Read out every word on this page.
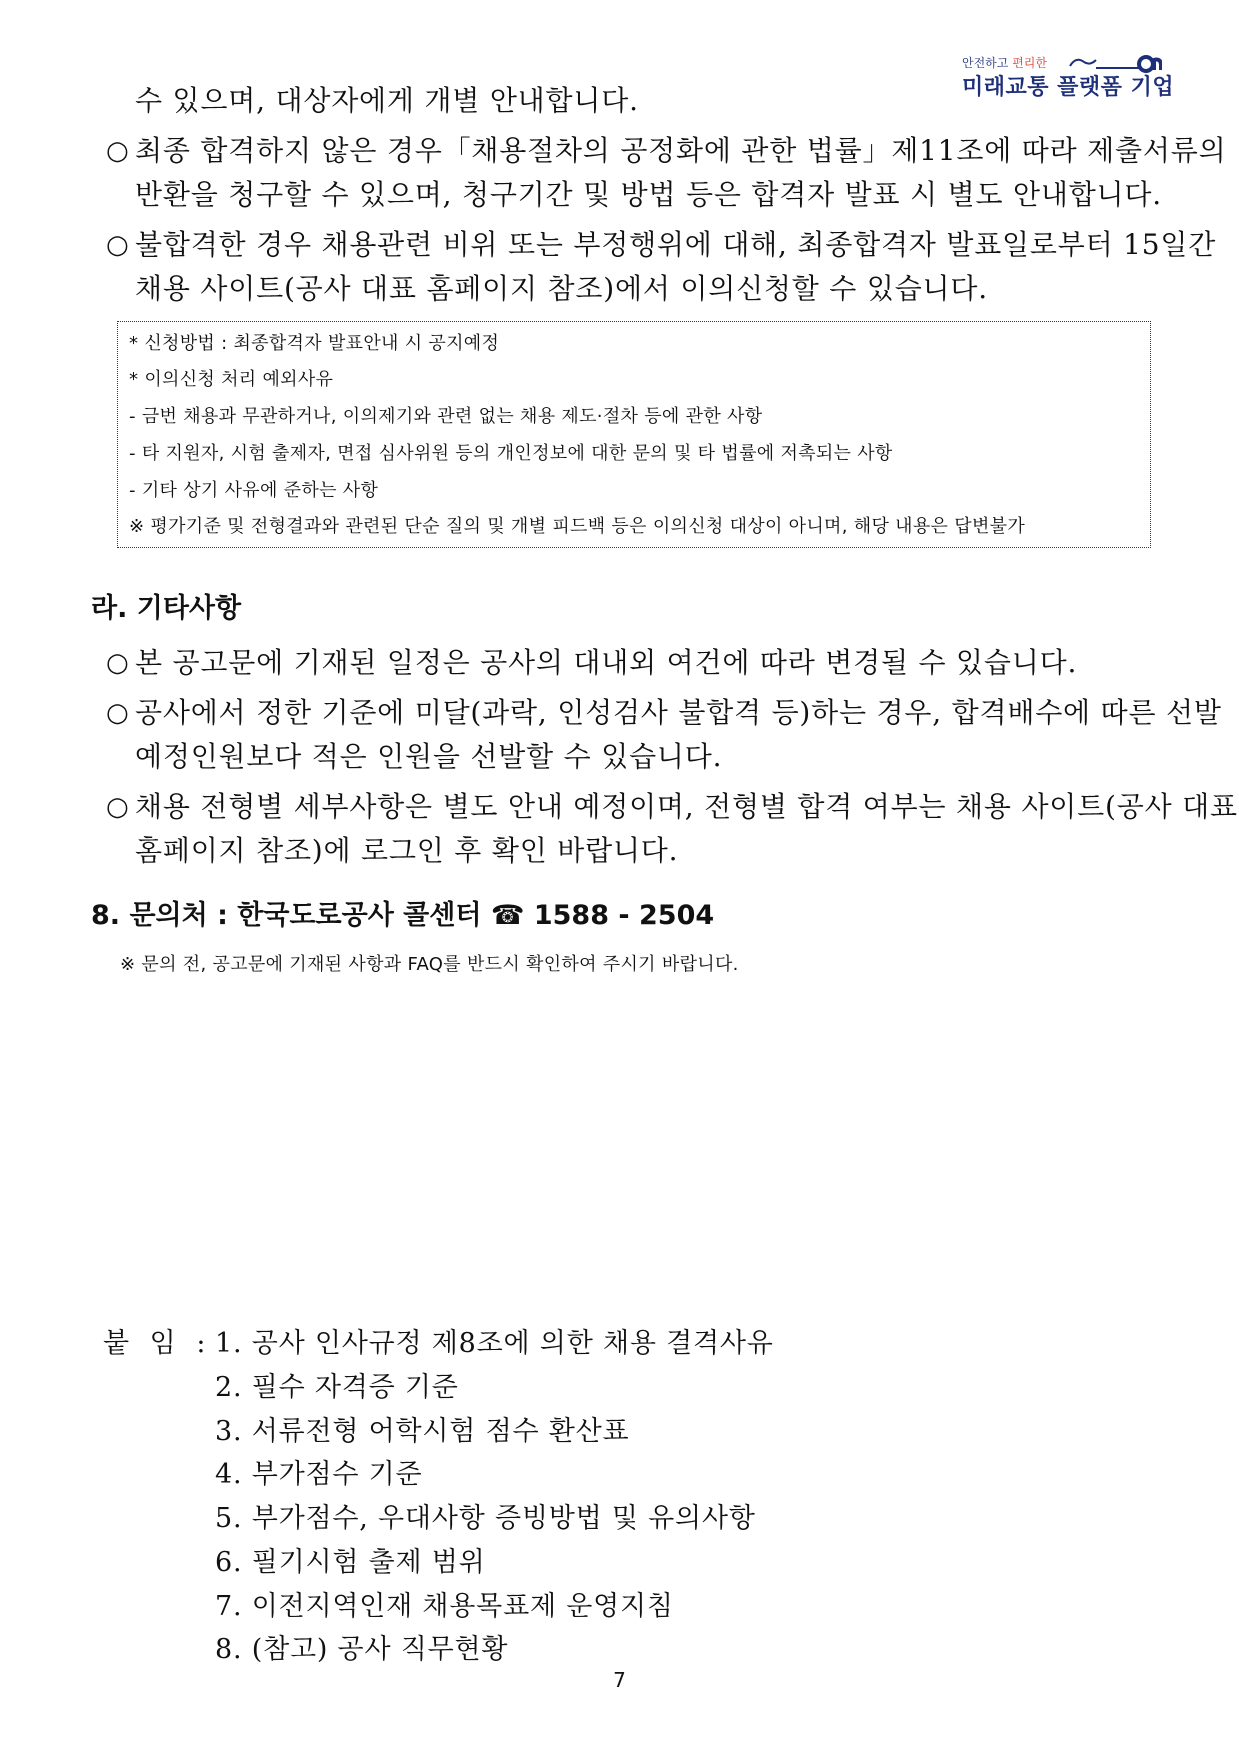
안전하고 편리한
미래교통 플랫폼 기업
수 있으며, 대상자에게 개별 안내합니다.
○ 최종 합격하지 않은 경우「채용절차의 공정화에 관한 법률」제11조에 따라 제출서류의
반환을 청구할 수 있으며, 청구기간 및 방법 등은 합격자 발표 시 별도 안내합니다.
○ 불합격한 경우 채용관련 비위 또는 부정행위에 대해, 최종합격자 발표일로부터 15일간
채용 사이트(공사 대표 홈페이지 참조)에서 이의신청할 수 있습니다.
* 신청방법 : 최종합격자 발표안내 시 공지예정
* 이의신청 처리 예외사유
- 금번 채용과 무관하거나, 이의제기와 관련 없는 채용 제도·절차 등에 관한 사항
- 타 지원자, 시험 출제자, 면접 심사위원 등의 개인정보에 대한 문의 및 타 법률에 저촉되는 사항
- 기타 상기 사유에 준하는 사항
※ 평가기준 및 전형결과와 관련된 단순 질의 및 개별 피드백 등은 이의신청 대상이 아니며, 해당 내용은 답변불가
라. 기타사항
○ 본 공고문에 기재된 일정은 공사의 대내외 여건에 따라 변경될 수 있습니다.
○ 공사에서 정한 기준에 미달(과락, 인성검사 불합격 등)하는 경우, 합격배수에 따른 선발
예정인원보다 적은 인원을 선발할 수 있습니다.
○ 채용 전형별 세부사항은 별도 안내 예정이며, 전형별 합격 여부는 채용 사이트(공사 대표
홈페이지 참조)에 로그인 후 확인 바랍니다.
8. 문의처 : 한국도로공사 콜센터 ☎ 1588 - 2504
※ 문의 전, 공고문에 기재된 사항과 FAQ를 반드시 확인하여 주시기 바랍니다.
붙 임 : 1. 공사 인사규정 제8조에 의한 채용 결격사유
2. 필수 자격증 기준
3. 서류전형 어학시험 점수 환산표
4. 부가점수 기준
5. 부가점수, 우대사항 증빙방법 및 유의사항
6. 필기시험 출제 범위
7. 이전지역인재 채용목표제 운영지침
8. (참고) 공사 직무현황
7
